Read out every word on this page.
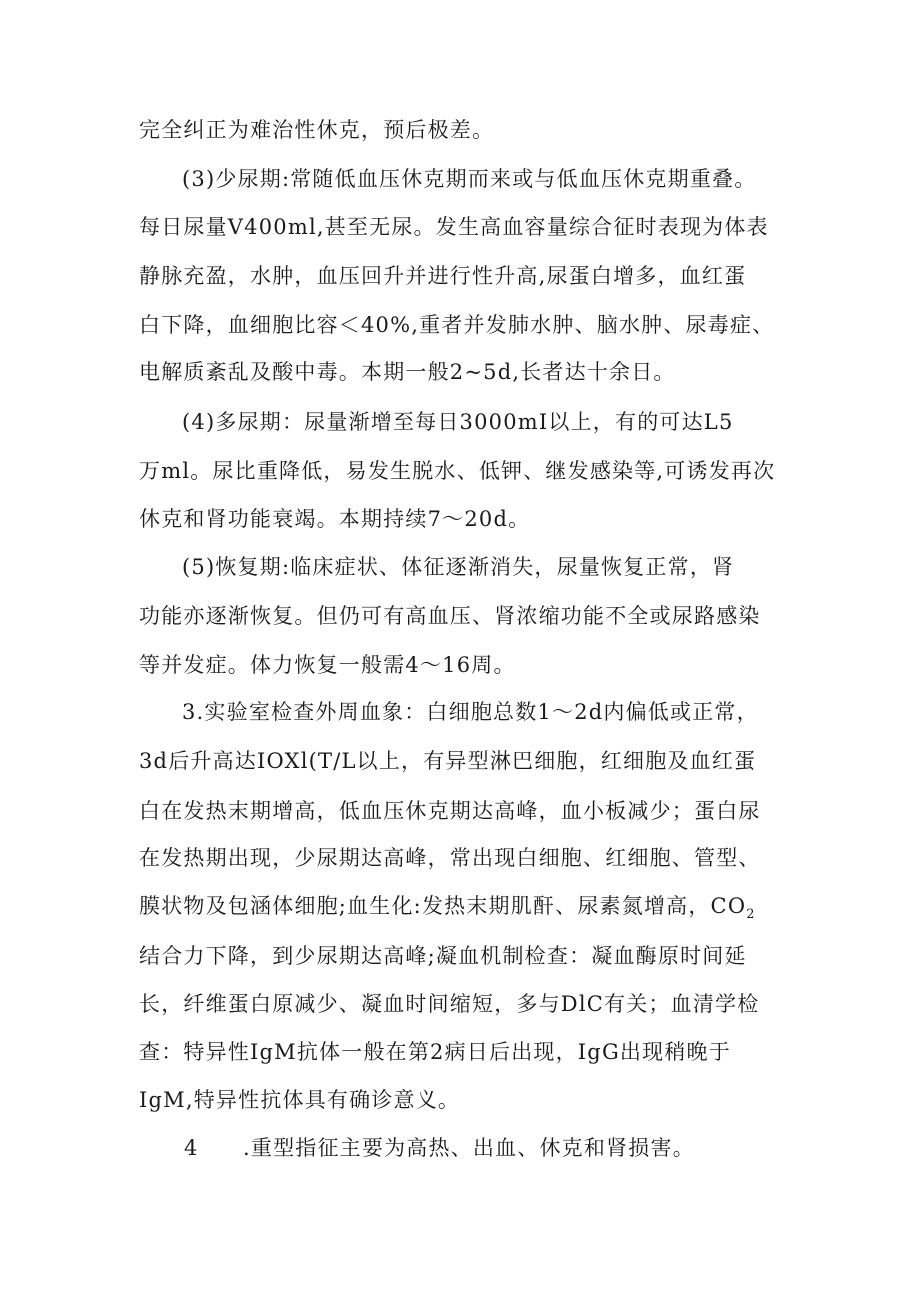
完全纠正为难治性休克，预后极差。
(3)少尿期:常随低血压休克期而来或与低血压休克期重叠。
每日尿量V400ml,甚至无尿。发生高血容量综合征时表现为体表
静脉充盈，水肿，血压回升并进行性升高,尿蛋白增多，血红蛋
白下降，血细胞比容＜40%,重者并发肺水肿、脑水肿、尿毒症、
电解质紊乱及酸中毒。本期一般2~5d,长者达十余日。
(4)多尿期：尿量渐增至每日3000mI以上，有的可达L5
万ml。尿比重降低，易发生脱水、低钾、继发感染等,可诱发再次
休克和肾功能衰竭。本期持续7～20d。
(5)恢复期:临床症状、体征逐渐消失，尿量恢复正常，肾
功能亦逐渐恢复。但仍可有高血压、肾浓缩功能不全或尿路感染
等并发症。体力恢复一般需4～16周。
3.实验室检查外周血象：白细胞总数1～2d内偏低或正常，
3d后升高达IOXl(T/L以上，有异型淋巴细胞，红细胞及血红蛋
白在发热末期增高，低血压休克期达高峰，血小板减少；蛋白尿
在发热期出现，少尿期达高峰，常出现白细胞、红细胞、管型、
膜状物及包涵体细胞;血生化:发热末期肌酐、尿素氮增高，$CO_2$
结合力下降，到少尿期达高峰;凝血机制检查：凝血酶原时间延
长，纤维蛋白原减少、凝血时间缩短，多与DlC有关；血清学检
查：特异性IgM抗体一般在第2病日后出现，IgG出现稍晚于
IgM,特异性抗体具有确诊意义。
4 .重型指征主要为高热、出血、休克和肾损害。
